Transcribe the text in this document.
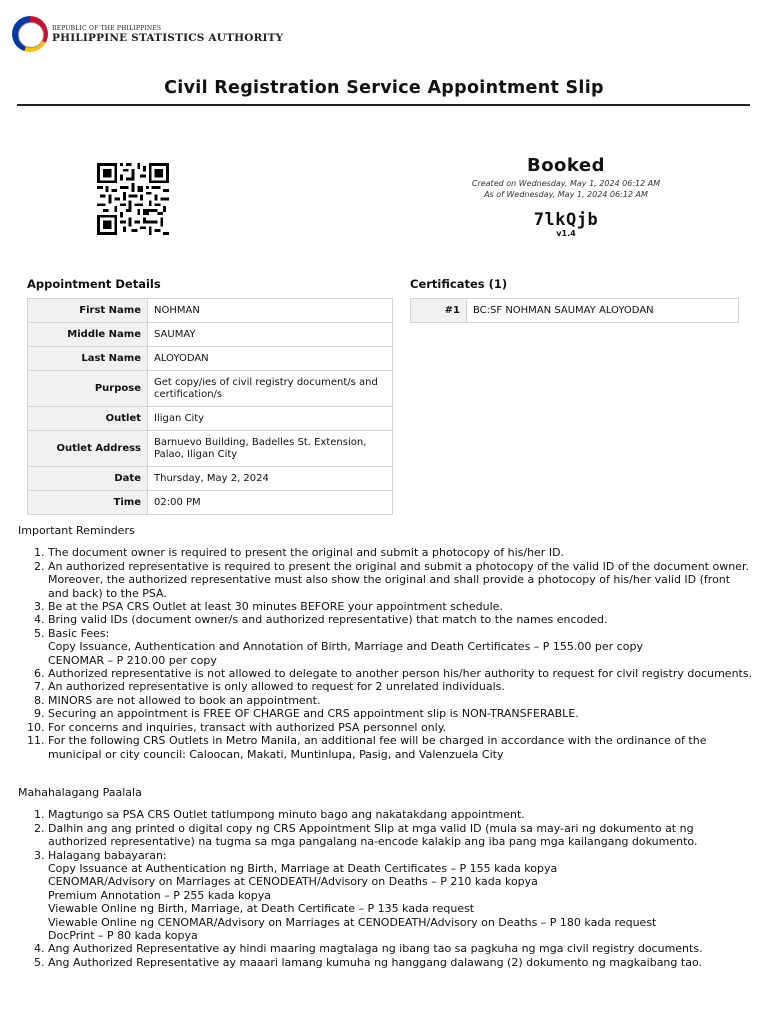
REPUBLIC OF THE PHILIPPINES
PHILIPPINE STATISTICS AUTHORITY
Civil Registration Service Appointment Slip
Booked
Created on Wednesday, May 1, 2024 06:12 AM
As of Wednesday, May 1, 2024 06:12 AM
7lkQjb
v1.4
Appointment Details
First Name	NOHMAN
Middle Name	SAUMAY
Last Name	ALOYODAN
Purpose	Get copy/ies of civil registry document/s and certification/s
Outlet	Iligan City
Outlet Address	Barnuevo Building, Badelles St. Extension, Palao, Iligan City
Date	Thursday, May 2, 2024
Time	02:00 PM
Certificates (1)
#1	BC:SF NOHMAN SAUMAY ALOYODAN
Important Reminders
1. The document owner is required to present the original and submit a photocopy of his/her ID.
2. An authorized representative is required to present the original and submit a photocopy of the valid ID of the document owner. Moreover, the authorized representative must also show the original and shall provide a photocopy of his/her valid ID (front and back) to the PSA.
3. Be at the PSA CRS Outlet at least 30 minutes BEFORE your appointment schedule.
4. Bring valid IDs (document owner/s and authorized representative) that match to the names encoded.
5. Basic Fees:
Copy Issuance, Authentication and Annotation of Birth, Marriage and Death Certificates – P 155.00 per copy
CENOMAR – P 210.00 per copy
6. Authorized representative is not allowed to delegate to another person his/her authority to request for civil registry documents.
7. An authorized representative is only allowed to request for 2 unrelated individuals.
8. MINORS are not allowed to book an appointment.
9. Securing an appointment is FREE OF CHARGE and CRS appointment slip is NON-TRANSFERABLE.
10. For concerns and inquiries, transact with authorized PSA personnel only.
11. For the following CRS Outlets in Metro Manila, an additional fee will be charged in accordance with the ordinance of the municipal or city council: Caloocan, Makati, Muntinlupa, Pasig, and Valenzuela City
Mahahalagang Paalala
1. Magtungo sa PSA CRS Outlet tatlumpong minuto bago ang nakatakdang appointment.
2. Dalhin ang ang printed o digital copy ng CRS Appointment Slip at mga valid ID (mula sa may-ari ng dokumento at ng authorized representative) na tugma sa mga pangalang na-encode kalakip ang iba pang mga kailangang dokumento.
3. Halagang babayaran:
Copy Issuance at Authentication ng Birth, Marriage at Death Certificates – P 155 kada kopya
CENOMAR/Advisory on Marriages at CENODEATH/Advisory on Deaths – P 210 kada kopya
Premium Annotation – P 255 kada kopya
Viewable Online ng Birth, Marriage, at Death Certificate – P 135 kada request
Viewable Online ng CENOMAR/Advisory on Marriages at CENODEATH/Advisory on Deaths – P 180 kada request
DocPrint – P 80 kada kopya
4. Ang Authorized Representative ay hindi maaring magtalaga ng ibang tao sa pagkuha ng mga civil registry documents.
5. Ang Authorized Representative ay maaari lamang kumuha ng hanggang dalawang (2) dokumento ng magkaibang tao.
